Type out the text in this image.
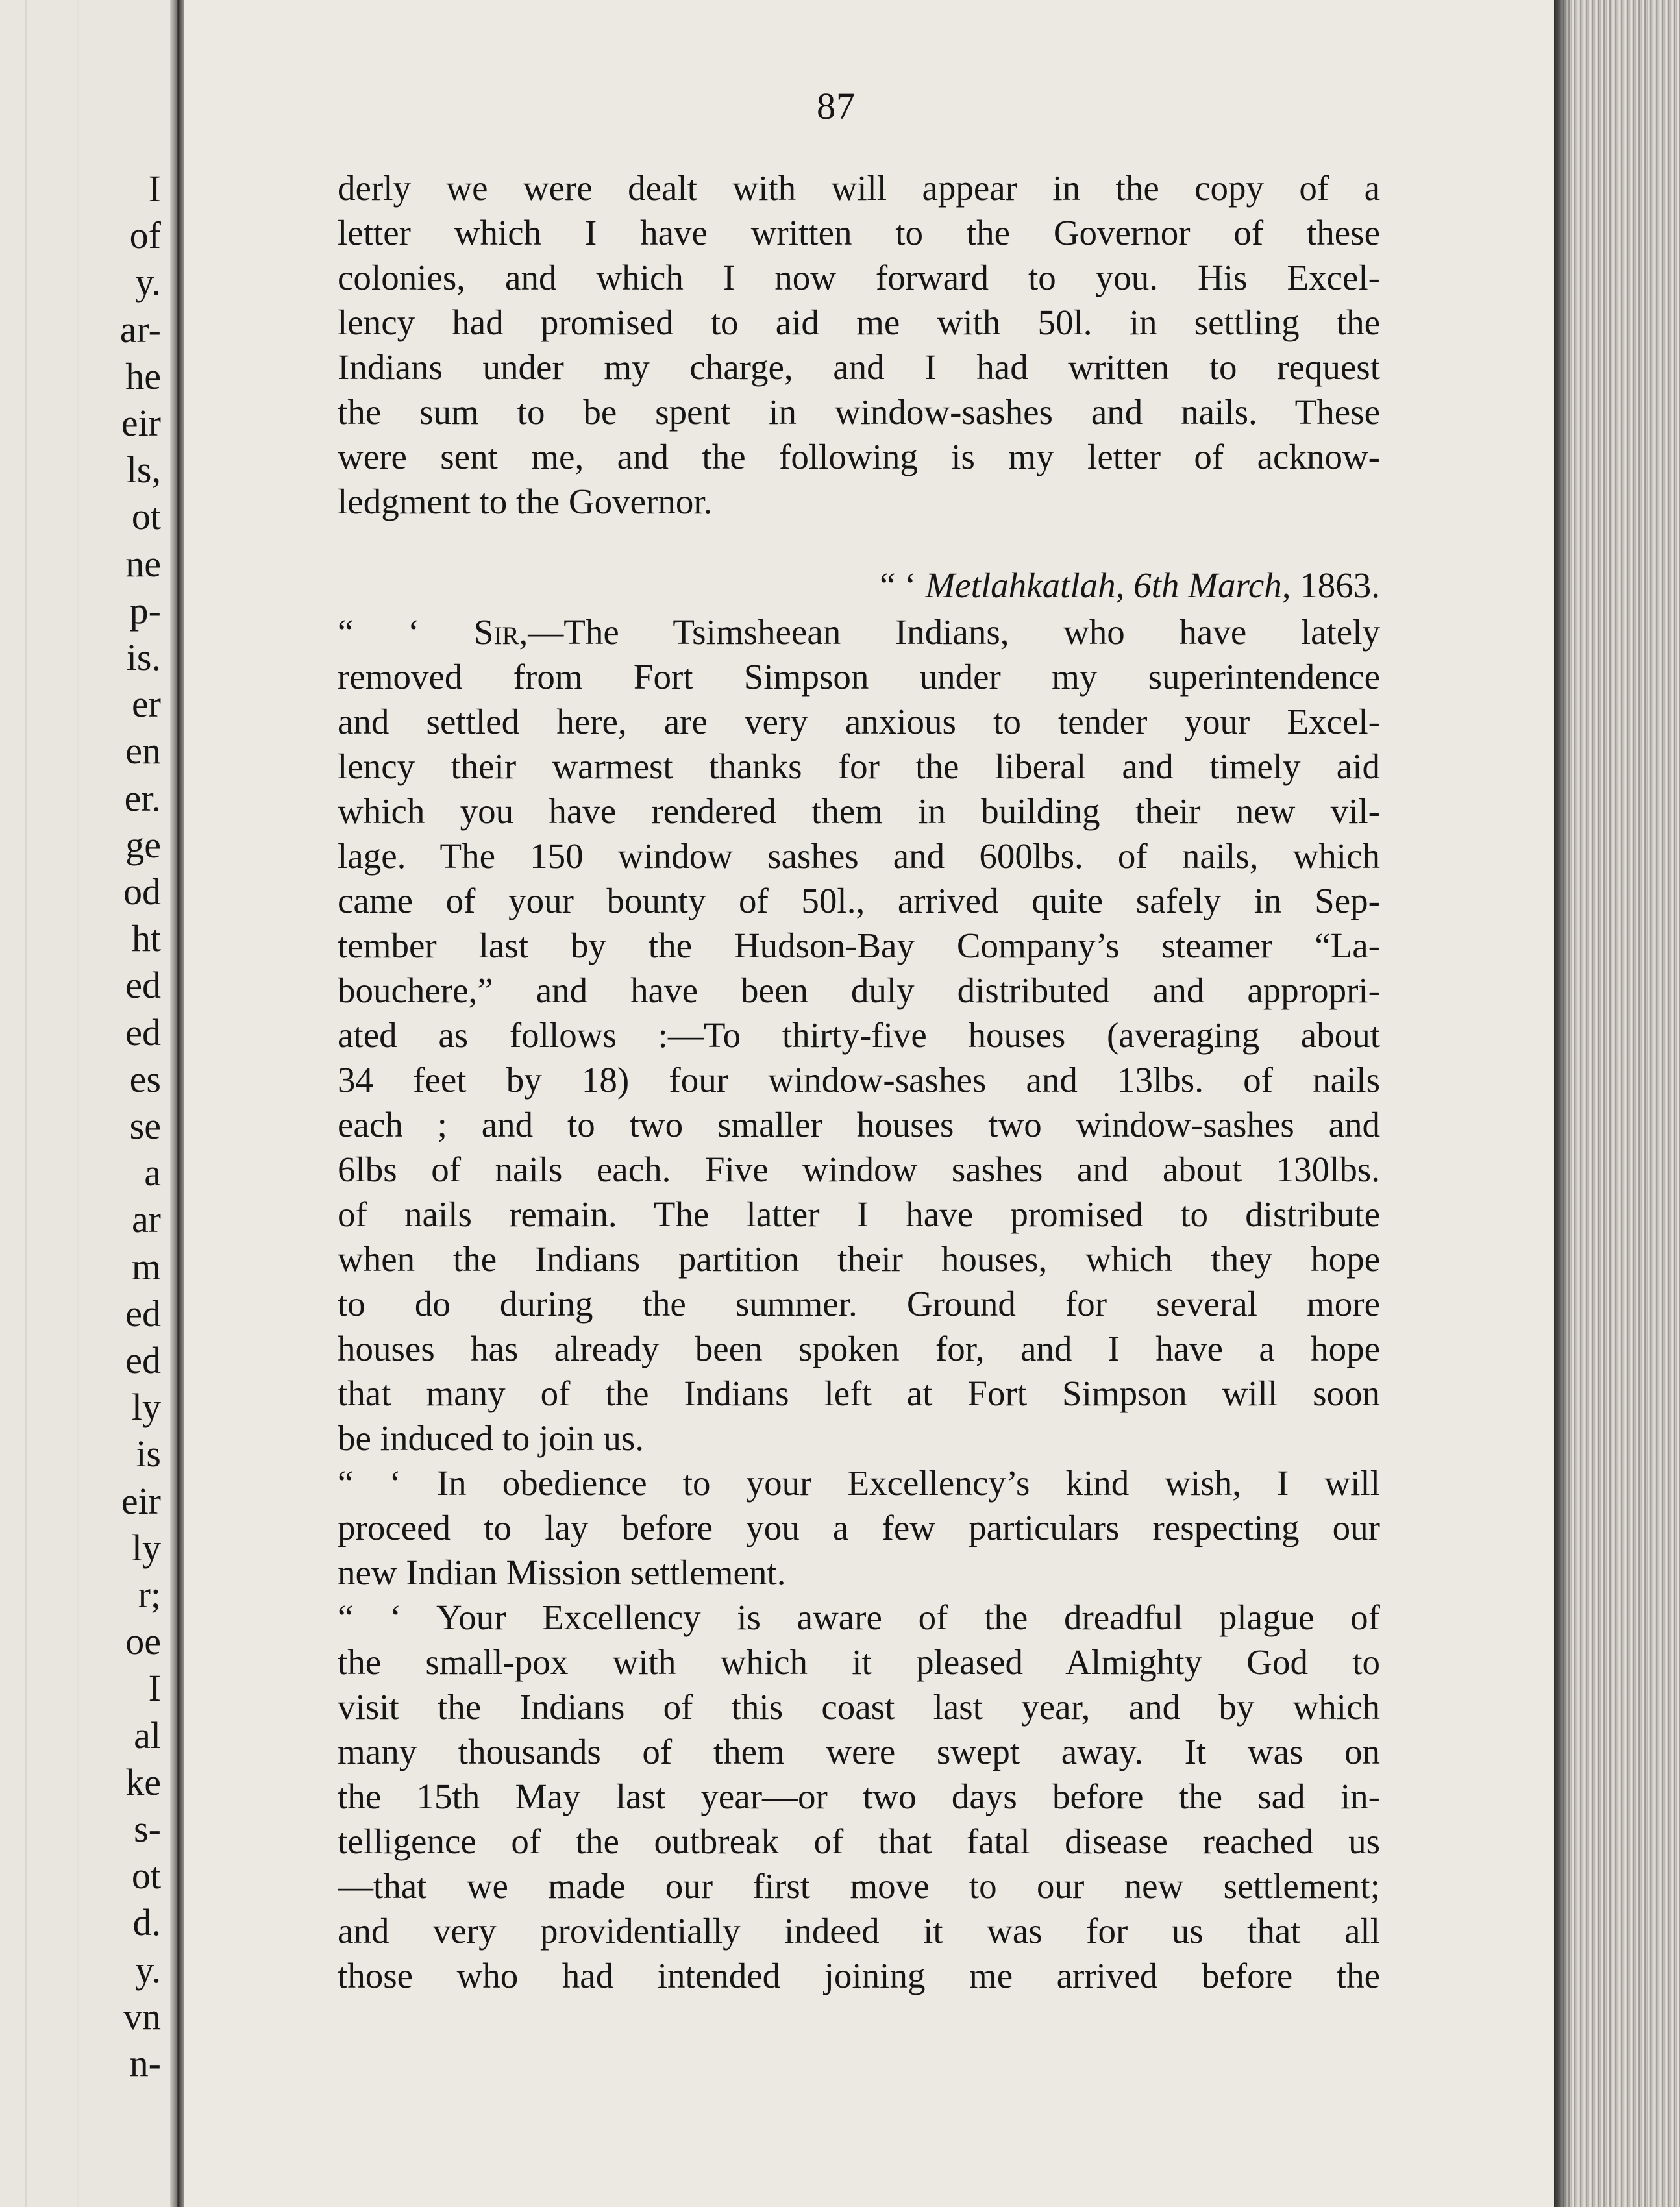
I
of
y.
ar-
he
eir
ls,
ot
ne
p-
is.
er
en
er.
ge
od
ht
ed
ed
es
se
a
ar
m
ed
ed
ly
is
eir
ly
r;
oe
I
al
ke
s-
ot
d.
y.
vn
n-
87
derly we were dealt with will appear in the copy of a
letter which I have written to the Governor of these
colonies, and which I now forward to you. His Excel-
lency had promised to aid me with 50l. in settling the
Indians under my charge, and I had written to request
the sum to be spent in window-sashes and nails. These
were sent me, and the following is my letter of acknow-
ledgment to the Governor.
“ ‘ Metlahkatlah, 6th March, 1863.
“ ‘ Sir,—The Tsimsheean Indians, who have lately
removed from Fort Simpson under my superintendence
and settled here, are very anxious to tender your Excel-
lency their warmest thanks for the liberal and timely aid
which you have rendered them in building their new vil-
lage. The 150 window sashes and 600lbs. of nails, which
came of your bounty of 50l., arrived quite safely in Sep-
tember last by the Hudson-Bay Company’s steamer “La-
bouchere,” and have been duly distributed and appropri-
ated as follows :—To thirty-five houses (averaging about
34 feet by 18) four window-sashes and 13lbs. of nails
each ; and to two smaller houses two window-sashes and
6lbs of nails each. Five window sashes and about 130lbs.
of nails remain. The latter I have promised to distribute
when the Indians partition their houses, which they hope
to do during the summer. Ground for several more
houses has already been spoken for, and I have a hope
that many of the Indians left at Fort Simpson will soon
be induced to join us.
“ ‘ In obedience to your Excellency’s kind wish, I will
proceed to lay before you a few particulars respecting our
new Indian Mission settlement.
“ ‘ Your Excellency is aware of the dreadful plague of
the small-pox with which it pleased Almighty God to
visit the Indians of this coast last year, and by which
many thousands of them were swept away. It was on
the 15th May last year—or two days before the sad in-
telligence of the outbreak of that fatal disease reached us
—that we made our first move to our new settlement;
and very providentially indeed it was for us that all
those who had intended joining me arrived before the
